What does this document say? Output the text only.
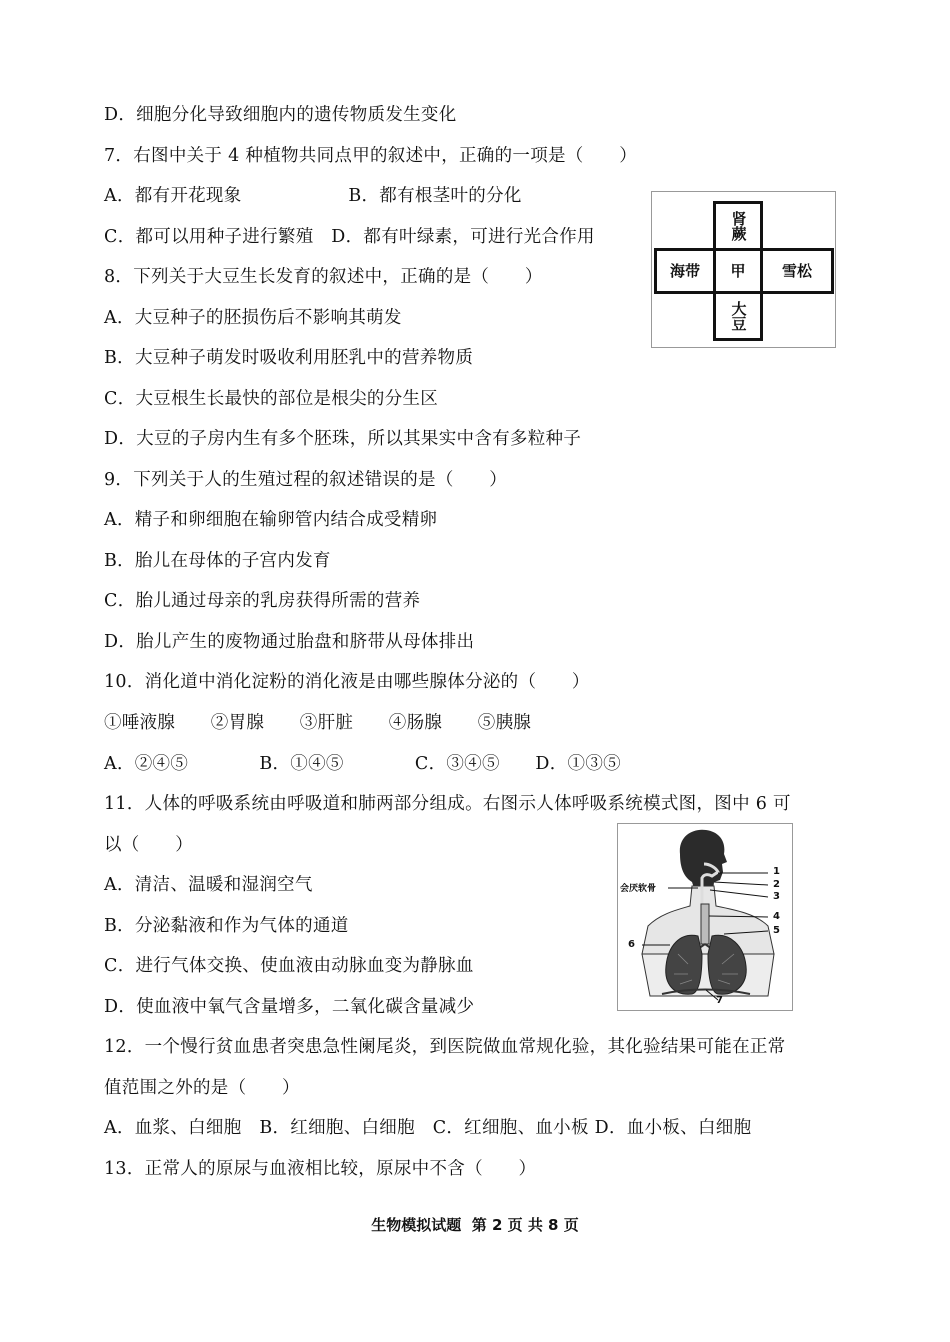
D．细胞分化导致细胞内的遗传物质发生变化
7．右图中关于 4 种植物共同点甲的叙述中，正确的一项是（　　）
A．都有开花现象　　　　　　B．都有根茎叶的分化
C．都可以用种子进行繁殖　D．都有叶绿素，可进行光合作用
8．下列关于大豆生长发育的叙述中，正确的是（　　）
A．大豆种子的胚损伤后不影响其萌发
B．大豆种子萌发时吸收利用胚乳中的营养物质
C．大豆根生长最快的部位是根尖的分生区
D．大豆的子房内生有多个胚珠，所以其果实中含有多粒种子
9．下列关于人的生殖过程的叙述错误的是（　　）
A．精子和卵细胞在输卵管内结合成受精卵
B．胎儿在母体的子宫内发育
C．胎儿通过母亲的乳房获得所需的营养
D．胎儿产生的废物通过胎盘和脐带从母体排出
10．消化道中消化淀粉的消化液是由哪些腺体分泌的（　　）
①唾液腺　　②胃腺　　③肝脏　　④肠腺　　⑤胰腺
A．②④⑤　　　　B．①④⑤　　　　C．③④⑤　　D．①③⑤
11．人体的呼吸系统由呼吸道和肺两部分组成。右图示人体呼吸系统模式图，图中 6 可
以（　　）
A．清洁、温暖和湿润空气
B．分泌黏液和作为气体的通道
C．进行气体交换、使血液由动脉血变为静脉血
D．使血液中氧气含量增多，二氧化碳含量减少
12．一个慢行贫血患者突患急性阑尾炎，到医院做血常规化验，其化验结果可能在正常
值范围之外的是（　　）
A．血浆、白细胞　B．红细胞、白细胞　C．红细胞、血小板 D．血小板、白细胞
13．正常人的原尿与血液相比较，原尿中不含（　　）
肾蕨
海带 甲 雪松
大豆
会厌软骨
1
2
3
4
5
6
7
生物模拟试题 第 2 页 共 8 页
